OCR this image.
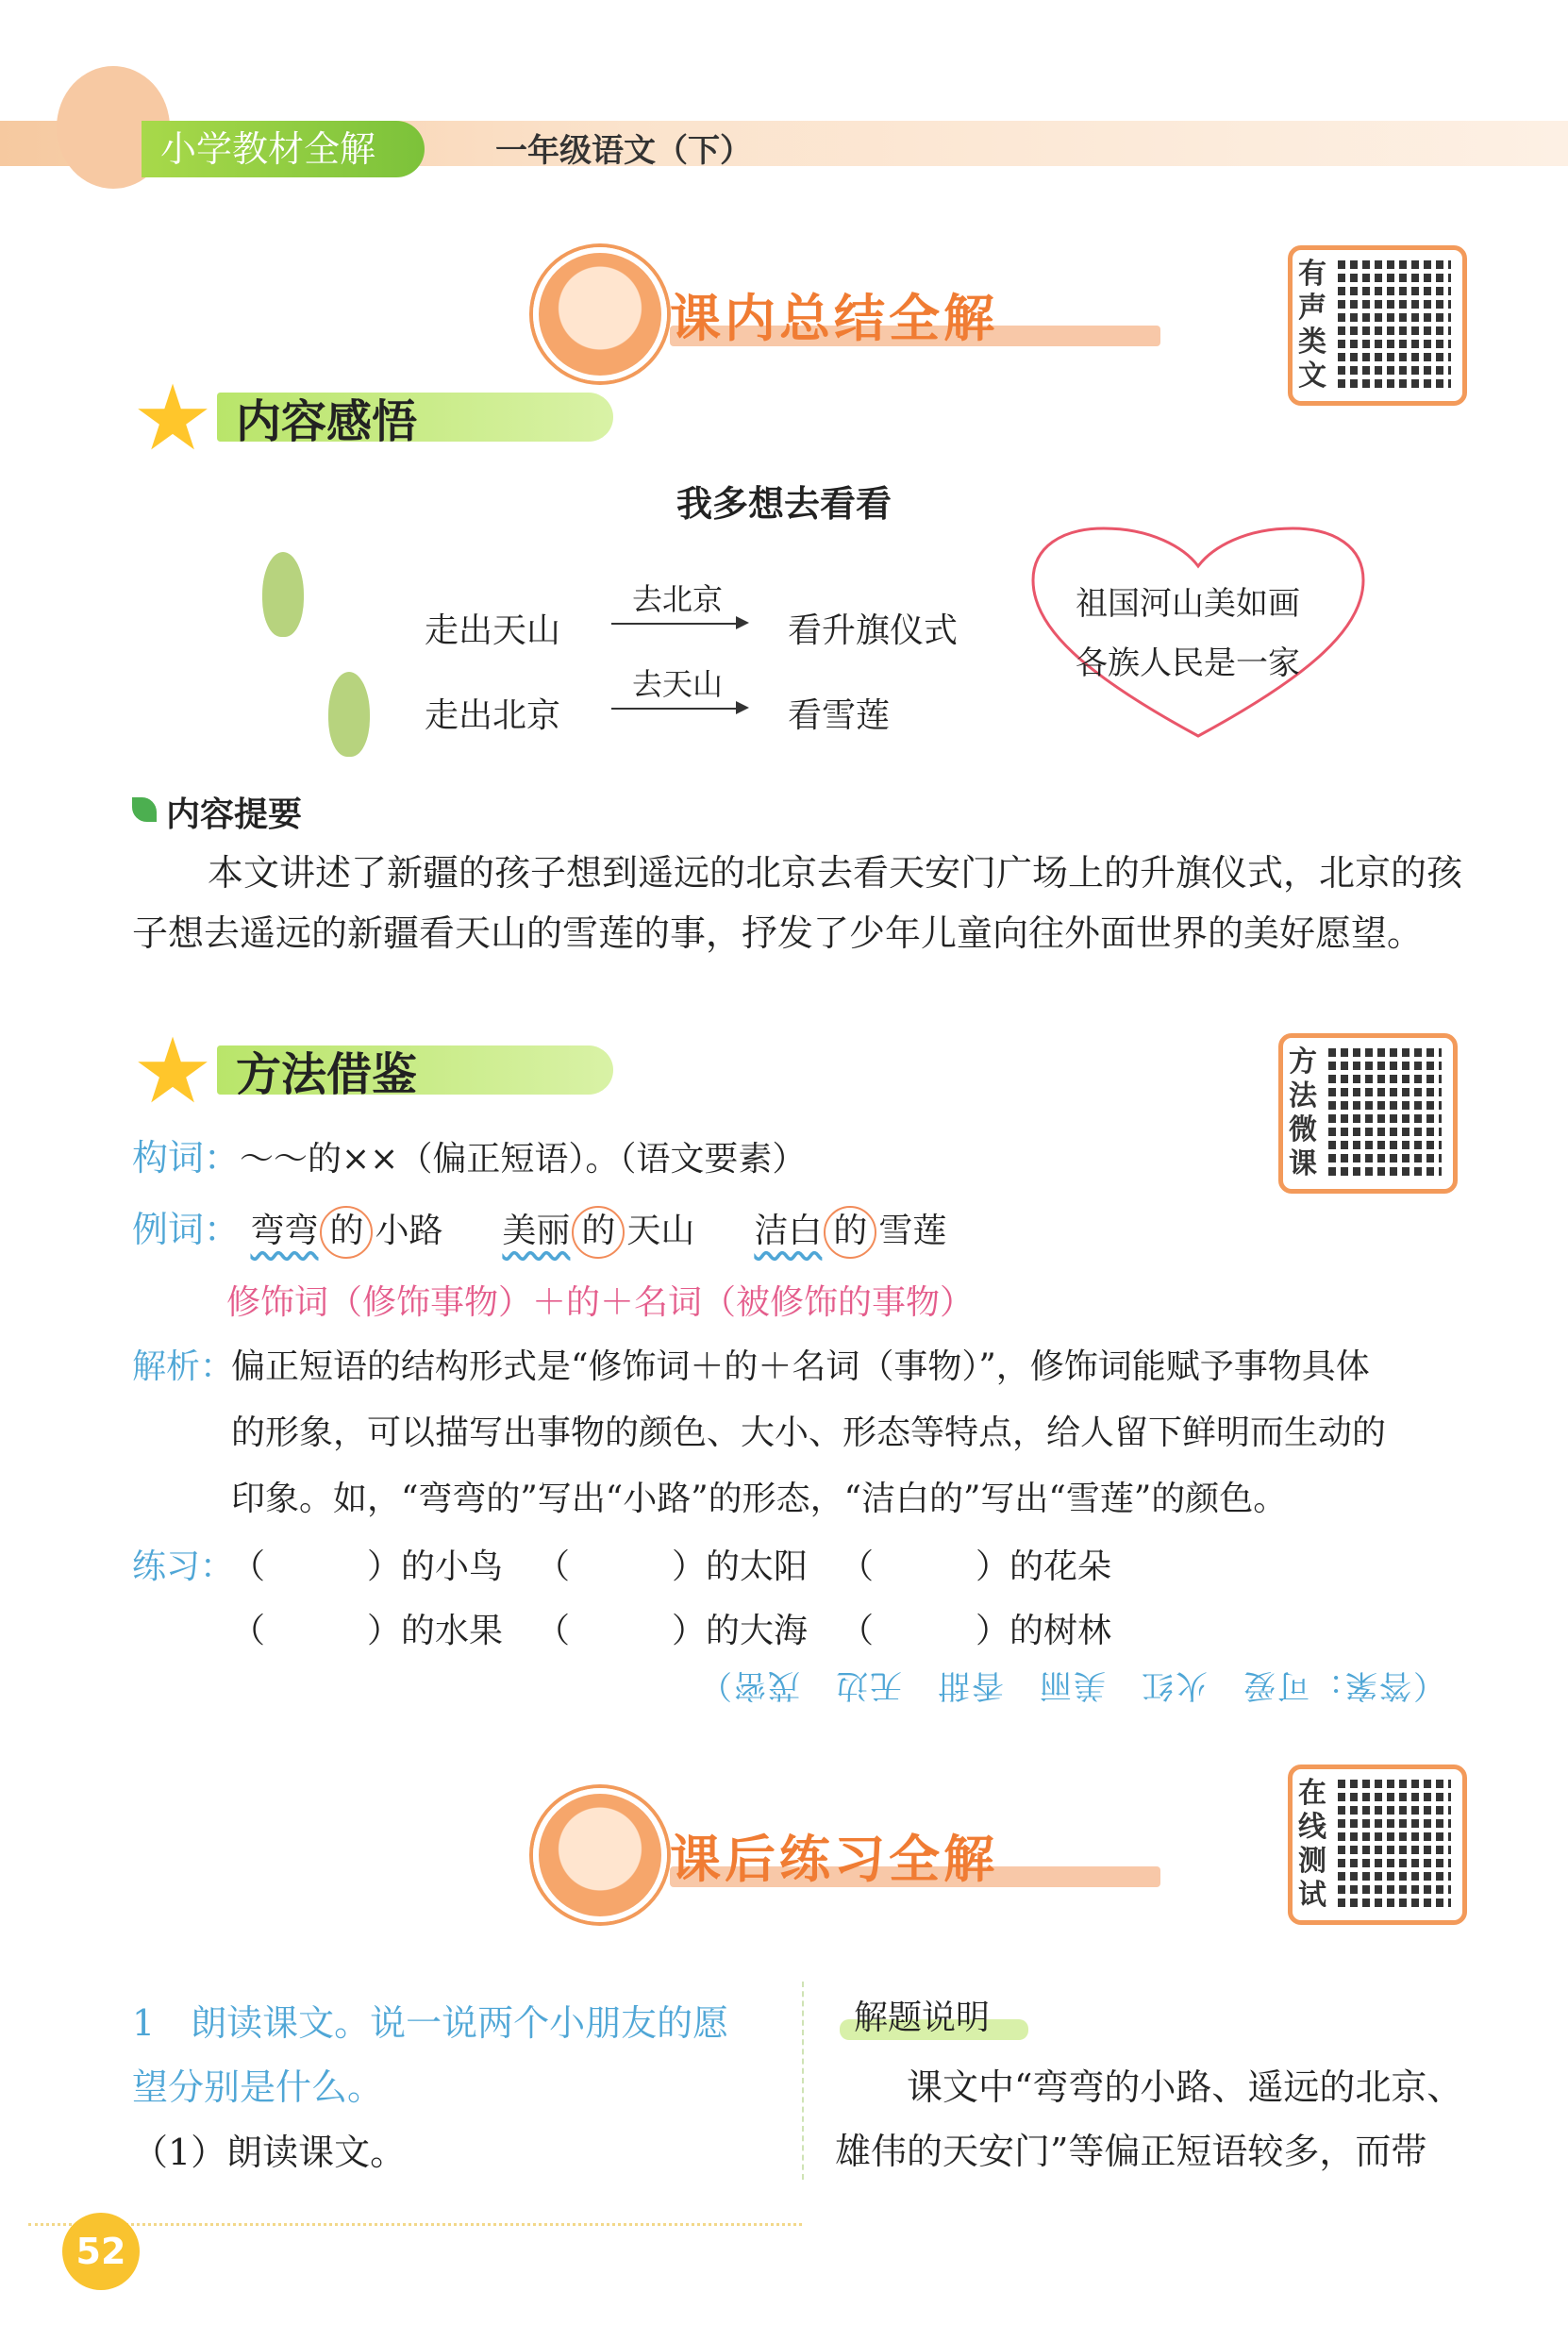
小学教材全解	一年级语文（下）
课内总结全解
有声类文
★ 内容感悟
我多想去看看
走出天山
去北京
看升旗仪式
走出北京
去天山
看雪莲
祖国河山美如画
各族人民是一家
内容提要
本文讲述了新疆的孩子想到遥远的北京去看天安门广场上的升旗仪式，北京的孩子想去遥远的新疆看天山的雪莲的事，抒发了少年儿童向往外面世界的美好愿望。
★ 方法借鉴	方法微课
构词：～～的××（偏正短语）。（语文要素）
例词： 弯弯 的 小路 美丽 的 天山 洁白 的 雪莲
修饰词（修饰事物）＋的＋名词（被修饰的事物）
解析：
偏正短语的结构形式是“修饰词＋的＋名词（事物）”，修饰词能赋予事物具体
的形象，可以描写出事物的颜色、大小、形态等特点，给人留下鲜明而生动的
印象。如，“弯弯的”写出“小路”的形态，“洁白的”写出“雪莲”的颜色。
练习：
（　　　）的小鸟 （　　　）的太阳 （　　　）的花朵
（　　　）的水果 （　　　）的大海 （　　　）的树林
（答案：可爱　火红　美丽　香甜　无边　茂密）
课后练习全解
在线测试
1　朗读课文。说一说两个小朋友的愿
望分别是什么。
（1）朗读课文。
解题说明
课文中“弯弯的小路、遥远的北京、雄伟的天安门”等偏正短语较多，而带
52
